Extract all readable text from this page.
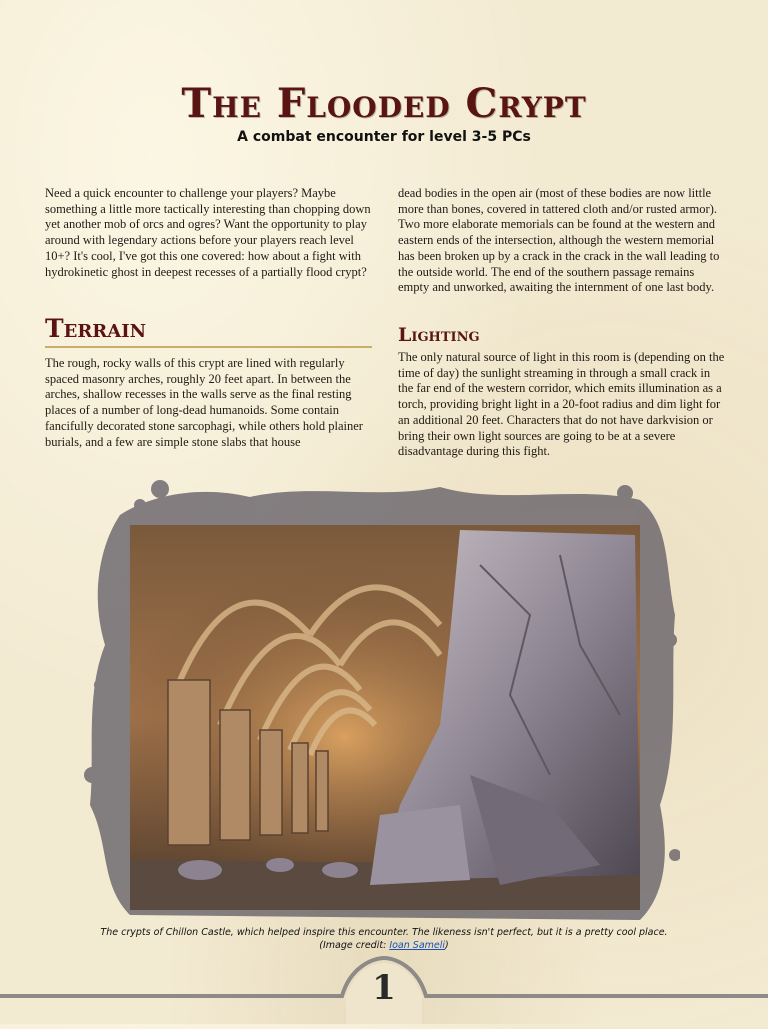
The Flooded Crypt
A combat encounter for level 3-5 PCs

Need a quick encounter to challenge your players? Maybe something a little more tactically interesting than chopping down yet another mob of orcs and ogres? Want the opportunity to play around with legendary actions before your players reach level 10+? It's cool, I've got this one covered: how about a fight with hydrokinetic ghost in deepest recesses of a partially flood crypt?

Terrain

The rough, rocky walls of this crypt are lined with regularly spaced masonry arches, roughly 20 feet apart. In between the arches, shallow recesses in the walls serve as the final resting places of a number of long-dead humanoids. Some contain fancifully decorated stone sarcophagi, while others hold plainer burials, and a few are simple stone slabs that house

dead bodies in the open air (most of these bodies are now little more than bones, covered in tattered cloth and/or rusted armor). Two more elaborate memorials can be found at the western and eastern ends of the intersection, although the western memorial has been broken up by a crack in the crack in the wall leading to the outside world. The end of the southern passage remains empty and unworked, awaiting the internment of one last body.

Lighting

The only natural source of light in this room is (depending on the time of day) the sunlight streaming in through a small crack in the far end of the western corridor, which emits illumination as a torch, providing bright light in a 20-foot radius and dim light for an additional 20 feet. Characters that do not have darkvision or bring their own light sources are going to be at a severe disadvantage during this fight.

The crypts of Chillon Castle, which helped inspire this encounter. The likeness isn't perfect, but it is a pretty cool place.
(Image credit: Ioan Sameli)
1
